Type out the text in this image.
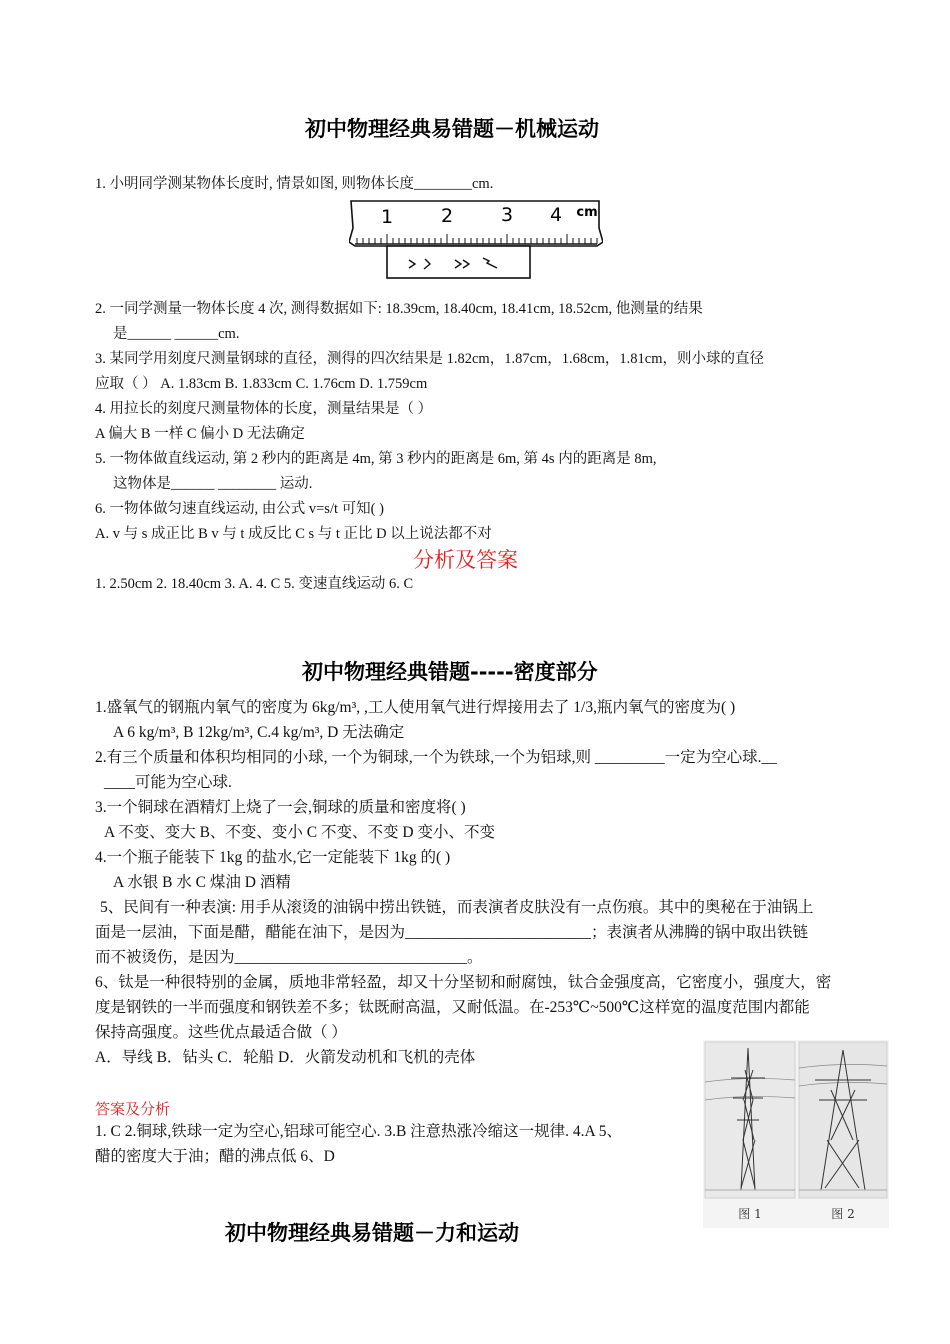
初中物理经典易错题－机械运动
1. 小明同学测某物体长度时, 情景如图, 则物体长度________cm.
1	2	3 4 cm
2. 一同学测量一物体长度 4 次, 测得数据如下: 18.39cm, 18.40cm, 18.41cm, 18.52cm, 他测量的结果
是______ ______cm.
3. 某同学用刻度尺测量钢球的直径，测得的四次结果是 1.82cm，1.87cm，1.68cm，1.81cm，则小球的直径
应取（ ） A. 1.83cm B. 1.833cm C. 1.76cm D. 1.759cm
4. 用拉长的刻度尺测量物体的长度，测量结果是（ ）
A 偏大 B 一样 C 偏小 D 无法确定
5. 一物体做直线运动, 第 2 秒内的距离是 4m, 第 3 秒内的距离是 6m, 第 4s 内的距离是 8m,
这物体是______ ________ 运动.
6. 一物体做匀速直线运动, 由公式 v=s/t 可知( )
A. v 与 s 成正比 B v 与 t 成反比 C s 与 t 正比 D 以上说法都不对
分析及答案
1. 2.50cm 2. 18.40cm 3. A. 4. C 5. 变速直线运动 6. C
初中物理经典错题-----密度部分
1.盛氧气的钢瓶内氧气的密度为 6kg/m³, ,工人使用氧气进行焊接用去了 1/3,瓶内氧气的密度为( )
A 6 kg/m³, B 12kg/m³, C.4 kg/m³, D 无法确定
2.有三个质量和体积均相同的小球, 一个为铜球,一个为铁球,一个为铝球,则 _________一定为空心球.__
____可能为空心球.
3.一个铜球在酒精灯上烧了一会,铜球的质量和密度将( )
A 不变、变大 B、不变、变小 C 不变、不变 D 变小、不变
4.一个瓶子能装下 1kg 的盐水,它一定能装下 1kg 的( )
A 水银 B 水 C 煤油 D 酒精
5、民间有一种表演: 用手从滚烫的油锅中捞出铁链，而表演者皮肤没有一点伤痕。其中的奥秘在于油锅上
面是一层油，下面是醋，醋能在油下，是因为________________________；表演者从沸腾的锅中取出铁链
而不被烫伤，是因为______________________________。
6、钛是一种很特别的金属，质地非常轻盈，却又十分坚韧和耐腐蚀，钛合金强度高，它密度小，强度大，密
度是钢铁的一半而强度和钢铁差不多；钛既耐高温，又耐低温。在-253℃~500℃这样宽的温度范围内都能
保持高强度。这些优点最适合做（ ）
A．导线 B．钻头 C．轮船 D．火箭发动机和飞机的壳体
答案及分析
1. C 2.铜球,铁球一定为空心,铝球可能空心. 3.B 注意热涨冷缩这一规律. 4.A 5、
醋的密度大于油；醋的沸点低 6、D
图 1	图 2
初中物理经典易错题－力和运动
